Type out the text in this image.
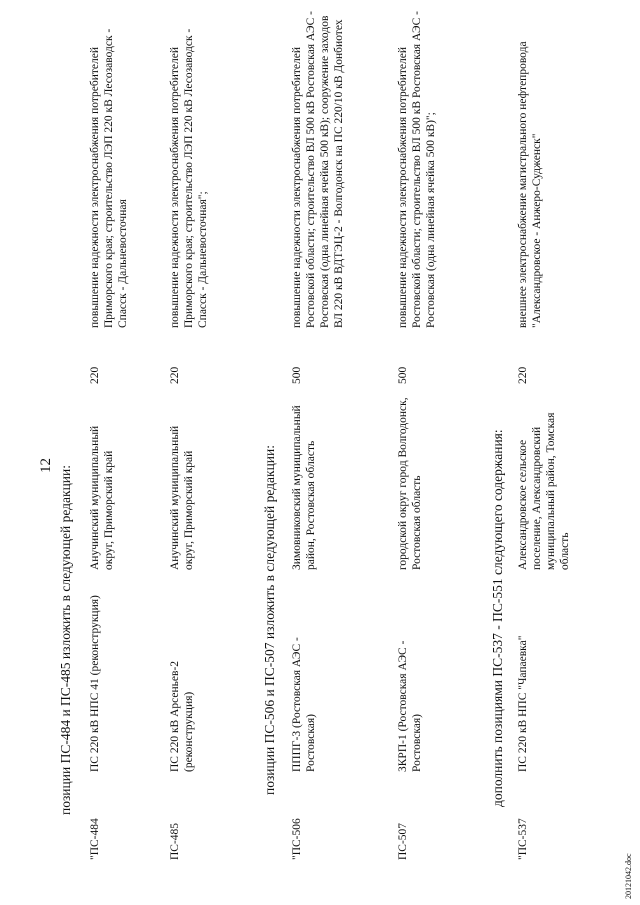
12 позиции ПС-484 и ПС-485 изложить в следующей редакции:
"ПС-484
ПС 220 кВ НПС 41 (реконструкция)
Анучинский муниципальный округ, Приморский край
220
повышение надежности электроснабжения потребителей Приморского края; строительство ЛЭП 220 кВ Лесозаводск - Спасск - Дальневосточная
ПС-485
ПС 220 кВ Арсеньев-2 (реконструкция)
Анучинский муниципальный округ, Приморский край
220
повышение надежности электроснабжения потребителей Приморского края; строительство ЛЭП 220 кВ Лесозаводск - Спасск - Дальневосточная";
позиции ПС-506 и ПС-507 изложить в следующей редакции:
"ПС-506
ПППГ-3 (Ростовская АЭС - Ростовская)
Зимовниковский муниципальный район, Ростовская область
500
повышение надежности электроснабжения потребителей Ростовской области; строительство ВЛ 500 кВ Ростовская АЭС - Ростовская (одна линейная ячейка 500 кВ); сооружение заходов ВЛ 220 кВ ВДТЭЦ-2 - Волгодонск на ПС 220/10 кВ Донбиотех
ПС-507
ЗКРП-1 (Ростовская АЭС - Ростовская)
городской округ город Волгодонск, Ростовская область
500
повышение надежности электроснабжения потребителей Ростовской области; строительство ВЛ 500 кВ Ростовская АЭС - Ростовская (одна линейная ячейка 500 кВ)";
дополнить позициями ПС-537 - ПС-551 следующего содержания:
"ПС-537
ПС 220 кВ НПС "Чапаевка"
Александровское сельское поселение, Александровский муниципальный район, Томская область
220
внешнее электроснабжение магистрального нефтепровода "Александровское - Анжеро-Судженск"
20121042.doc
